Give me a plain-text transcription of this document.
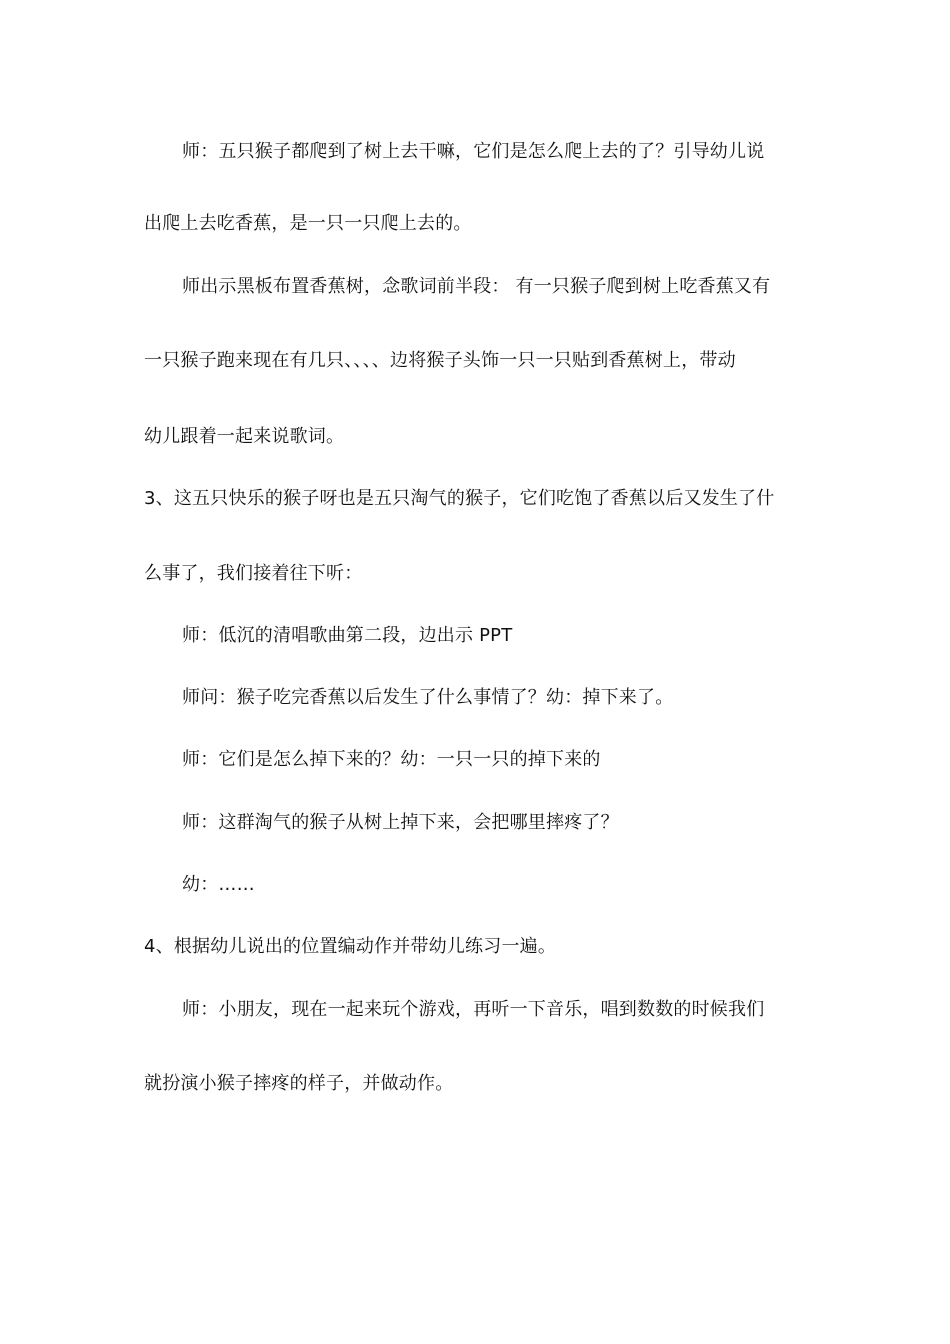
师：五只猴子都爬到了树上去干嘛，它们是怎么爬上去的了？引导幼儿说
出爬上去吃香蕉，是一只一只爬上去的。
师出示黑板布置香蕉树，念歌词前半段： 有一只猴子爬到树上吃香蕉又有
一只猴子跑来现在有几只、、、、边将猴子头饰一只一只贴到香蕉树上，带动
幼儿跟着一起来说歌词。
3、这五只快乐的猴子呀也是五只淘气的猴子，它们吃饱了香蕉以后又发生了什
么事了，我们接着往下听：
师：低沉的清唱歌曲第二段，边出示 PPT
师问：猴子吃完香蕉以后发生了什么事情了？幼：掉下来了。
师：它们是怎么掉下来的？幼：一只一只的掉下来的
师：这群淘气的猴子从树上掉下来，会把哪里摔疼了？
幼：……
4、根据幼儿说出的位置编动作并带幼儿练习一遍。
师：小朋友，现在一起来玩个游戏，再听一下音乐，唱到数数的时候我们
就扮演小猴子摔疼的样子，并做动作。
